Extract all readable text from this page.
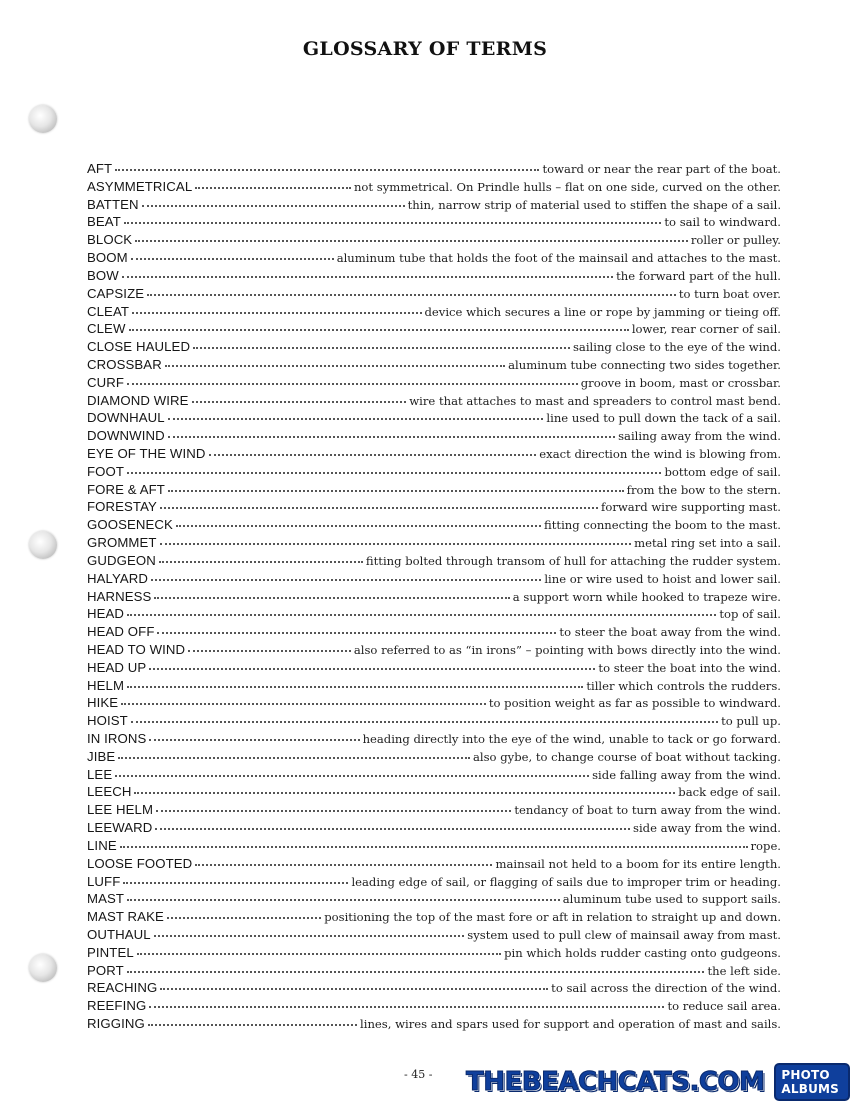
GLOSSARY OF TERMS
AFT	toward or near the rear part of the boat.
ASYMMETRICAL	not symmetrical. On Prindle hulls – flat on one side, curved on the other.
BATTEN	thin, narrow strip of material used to stiffen the shape of a sail.
BEAT	to sail to windward.
BLOCK	roller or pulley.
BOOM	aluminum tube that holds the foot of the mainsail and attaches to the mast.
BOW	the forward part of the hull.
CAPSIZE	to turn boat over.
CLEAT	device which secures a line or rope by jamming or tieing off.
CLEW	lower, rear corner of sail.
CLOSE HAULED	sailing close to the eye of the wind.
CROSSBAR	aluminum tube connecting two sides together.
CURF	groove in boom, mast or crossbar.
DIAMOND WIRE	wire that attaches to mast and spreaders to control mast bend.
DOWNHAUL	line used to pull down the tack of a sail.
DOWNWIND	sailing away from the wind.
EYE OF THE WIND	exact direction the wind is blowing from.
FOOT	bottom edge of sail.
FORE & AFT	from the bow to the stern.
FORESTAY	forward wire supporting mast.
GOOSENECK	fitting connecting the boom to the mast.
GROMMET	metal ring set into a sail.
GUDGEON	fitting bolted through transom of hull for attaching the rudder system.
HALYARD	line or wire used to hoist and lower sail.
HARNESS	a support worn while hooked to trapeze wire.
HEAD	top of sail.
HEAD OFF	to steer the boat away from the wind.
HEAD TO WIND	also referred to as “in irons” – pointing with bows directly into the wind.
HEAD UP	to steer the boat into the wind.
HELM	tiller which controls the rudders.
HIKE	to position weight as far as possible to windward.
HOIST	to pull up.
IN IRONS	heading directly into the eye of the wind, unable to tack or go forward.
JIBE	also gybe, to change course of boat without tacking.
LEE	side falling away from the wind.
LEECH	back edge of sail.
LEE HELM	tendancy of boat to turn away from the wind.
LEEWARD	side away from the wind.
LINE	rope.
LOOSE FOOTED	mainsail not held to a boom for its entire length.
LUFF	leading edge of sail, or flagging of sails due to improper trim or heading.
MAST	aluminum tube used to support sails.
MAST RAKE	positioning the top of the mast fore or aft in relation to straight up and down.
OUTHAUL	system used to pull clew of mainsail away from mast.
PINTEL	pin which holds rudder casting onto gudgeons.
PORT	the left side.
REACHING	to sail across the direction of the wind.
REEFING	to reduce sail area.
RIGGING	lines, wires and spars used for support and operation of mast and sails.
- 45 - THEBEACHCATS.COM	PHOTO ALBUMS
